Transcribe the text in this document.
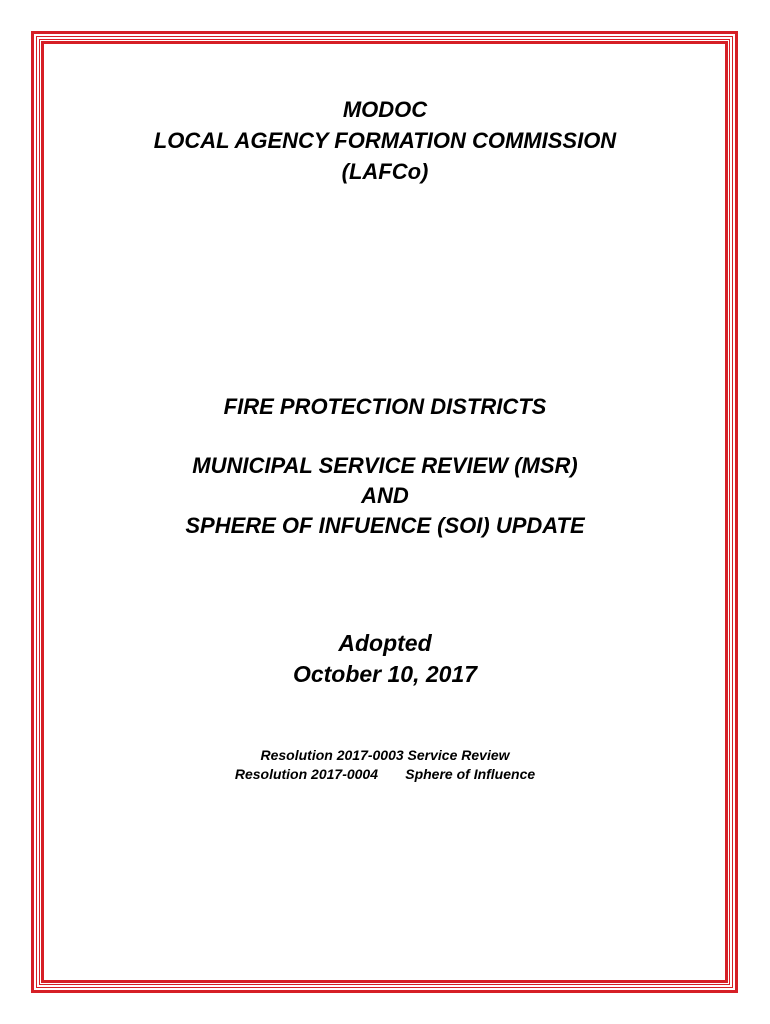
MODOC
LOCAL AGENCY FORMATION COMMISSION
(LAFCo)
FIRE PROTECTION DISTRICTS
MUNICIPAL SERVICE REVIEW (MSR)
AND
SPHERE OF INFUENCE (SOI) UPDATE
Adopted
October 10, 2017
Resolution 2017-0003 Service Review
Resolution 2017-0004 Sphere of Influence
